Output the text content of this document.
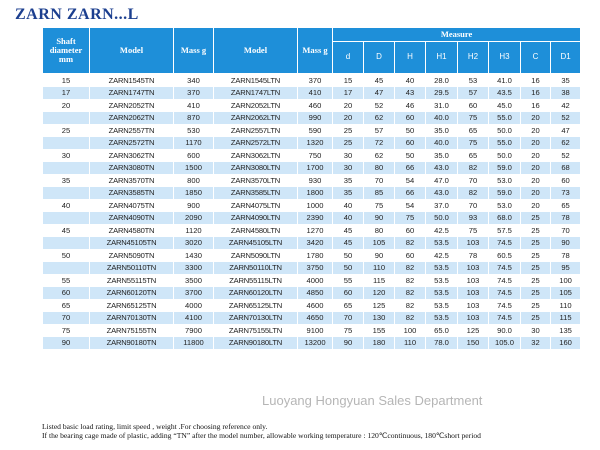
ZARN ZARN...L
Shaft diameter mm	Model	Mass g	Model	Mass g	Measure							
					d	D	H	H1	H2	H3	C	D1
15	ZARN1545TN	340	ZARN1545LTN	370	15	45	40	28.0	53	41.0	16	35
17	ZARN1747TN	370	ZARN1747LTN	410	17	47	43	29.5	57	43.5	16	38
20	ZARN2052TN	410	ZARN2052LTN	460	20	52	46	31.0	60	45.0	16	42
	ZARN2062TN	870	ZARN2062LTN	990	20	62	60	40.0	75	55.0	20	52
25	ZARN2557TN	530	ZARN2557LTN	590	25	57	50	35.0	65	50.0	20	47
	ZARN2572TN	1170	ZARN2572LTN	1320	25	72	60	40.0	75	55.0	20	62
30	ZARN3062TN	600	ZARN3062LTN	750	30	62	50	35.0	65	50.0	20	52
	ZARN3080TN	1500	ZARN3080LTN	1700	30	80	66	43.0	82	59.0	20	68
35	ZARN3570TN	800	ZARN3570LTN	930	35	70	54	47.0	70	53.0	20	60
	ZARN3585TN	1850	ZARN3585LTN	1800	35	85	66	43.0	82	59.0	20	73
40	ZARN4075TN	900	ZARN4075LTN	1000	40	75	54	37.0	70	53.0	20	65
	ZARN4090TN	2090	ZARN4090LTN	2390	40	90	75	50.0	93	68.0	25	78
45	ZARN4580TN	1120	ZARN4580LTN	1270	45	80	60	42.5	75	57.5	25	70
	ZARN45105TN	3020	ZARN45105LTN	3420	45	105	82	53.5	103	74.5	25	90
50	ZARN5090TN	1430	ZARN5090LTN	1780	50	90	60	42.5	78	60.5	25	78
	ZARN50110TN	3300	ZARN50110LTN	3750	50	110	82	53.5	103	74.5	25	95
55	ZARN55115TN	3500	ZARN55115LTN	4000	55	115	82	53.5	103	74.5	25	100
60	ZARN60120TN	3700	ZARN60120LTN	4850	60	120	82	53.5	103	74.5	25	105
65	ZARN65125TN	4000	ZARN65125LTN	4600	65	125	82	53.5	103	74.5	25	110
70	ZARN70130TN	4100	ZARN70130LTN	4650	70	130	82	53.5	103	74.5	25	115
75	ZARN75155TN	7900	ZARN75155LTN	9100	75	155	100	65.0	125	90.0	30	135
90	ZARN90180TN	11800	ZARN90180LTN	13200	90	180	110	78.0	150	105.0	32	160
Luoyang Hongyuan Sales Department
Listed basic load rating, limit speed , weight .For choosing reference only.
If the bearing cage made of plastic, adding “TN” after the model number, allowable working temperature : 120℃continuous, 180℃short period
